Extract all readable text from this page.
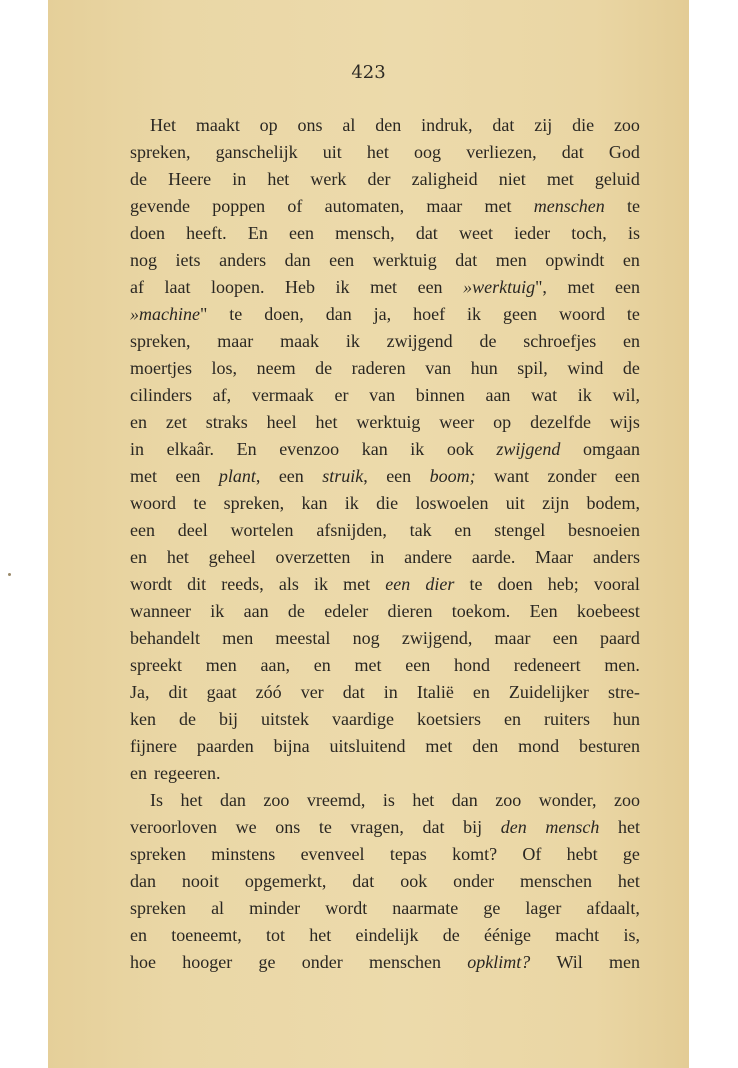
423
Het maakt op ons al den indruk, dat zij die zoo
spreken, ganschelijk uit het oog verliezen, dat God
de Heere in het werk der zaligheid niet met geluid
gevende poppen of automaten, maar met menschen te
doen heeft. En een mensch, dat weet ieder toch, is
nog iets anders dan een werktuig dat men opwindt en
af laat loopen. Heb ik met een »werktuig", met een
»machine" te doen, dan ja, hoef ik geen woord te
spreken, maar maak ik zwijgend de schroefjes en
moertjes los, neem de raderen van hun spil, wind de
cilinders af, vermaak er van binnen aan wat ik wil,
en zet straks heel het werktuig weer op dezelfde wijs
in elkaâr. En evenzoo kan ik ook zwijgend omgaan
met een plant, een struik, een boom; want zonder een
woord te spreken, kan ik die loswoelen uit zijn bodem,
een deel wortelen afsnijden, tak en stengel besnoeien
en het geheel overzetten in andere aarde. Maar anders
wordt dit reeds, als ik met een dier te doen heb; vooral
wanneer ik aan de edeler dieren toekom. Een koebeest
behandelt men meestal nog zwijgend, maar een paard
spreekt men aan, en met een hond redeneert men.
Ja, dit gaat zóó ver dat in Italië en Zuidelijker stre-
ken de bij uitstek vaardige koetsiers en ruiters hun
fijnere paarden bijna uitsluitend met den mond besturen
en regeeren.
Is het dan zoo vreemd, is het dan zoo wonder, zoo
veroorloven we ons te vragen, dat bij den mensch het
spreken minstens evenveel tepas komt? Of hebt ge
dan nooit opgemerkt, dat ook onder menschen het
spreken al minder wordt naarmate ge lager afdaalt,
en toeneemt, tot het eindelijk de éénige macht is,
hoe hooger ge onder menschen opklimt? Wil men
